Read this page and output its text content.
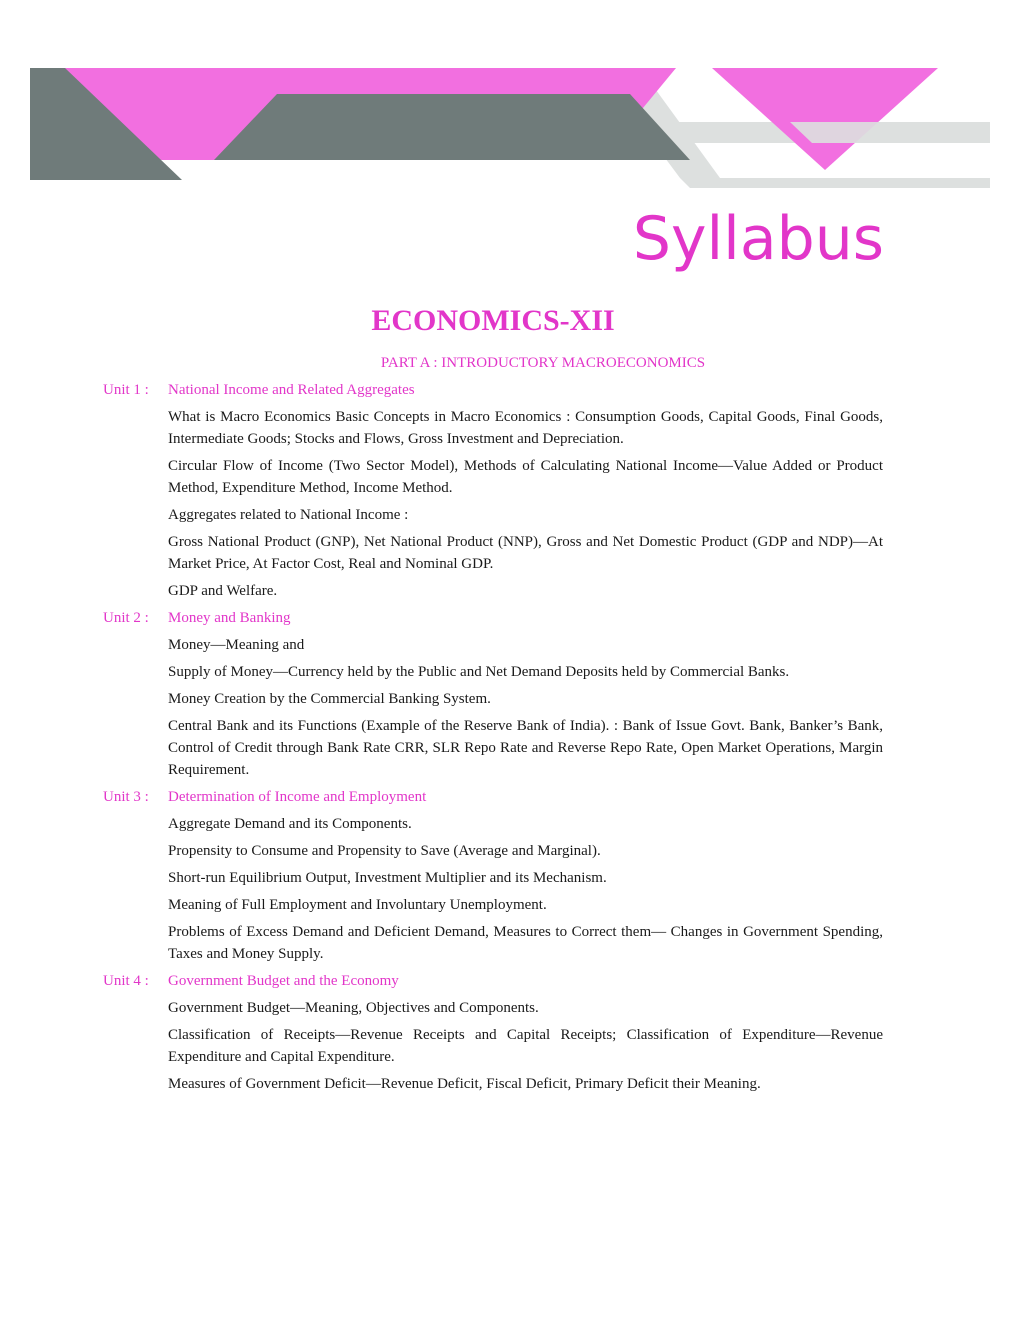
Syllabus
ECONOMICS-XII
PART A : INTRODUCTORY MACROECONOMICS
Unit 1 :	National Income and Related Aggregates

What is Macro Economics Basic Concepts in Macro Economics : Consumption Goods, Capital Goods, Final Goods, Intermediate Goods; Stocks and Flows, Gross Investment and Depreciation.

Circular Flow of Income (Two Sector Model), Methods of Calculating National Income—Value Added or Product Method, Expenditure Method, Income Method.

Aggregates related to National Income :

Gross National Product (GNP), Net National Product (NNP), Gross and Net Domestic Product (GDP and NDP)—At Market Price, At Factor Cost, Real and Nominal GDP.

GDP and Welfare.

Unit 2 :	Money and Banking

Money—Meaning and

Supply of Money—Currency held by the Public and Net Demand Deposits held by Commercial Banks.

Money Creation by the Commercial Banking System.

Central Bank and its Functions (Example of the Reserve Bank of India). : Bank of Issue Govt. Bank, Banker’s Bank, Control of Credit through Bank Rate CRR, SLR Repo Rate and Reverse Repo Rate, Open Market Operations, Margin Requirement.

Unit 3 :	Determination of Income and Employment

Aggregate Demand and its Components.

Propensity to Consume and Propensity to Save (Average and Marginal).

Short-run Equilibrium Output, Investment Multiplier and its Mechanism.

Meaning of Full Employment and Involuntary Unemployment.

Problems of Excess Demand and Deficient Demand, Measures to Correct them— Changes in Government Spending, Taxes and Money Supply.

Unit 4 :	Government Budget and the Economy

Government Budget—Meaning, Objectives and Components.

Classification of Receipts—Revenue Receipts and Capital Receipts; Classification of Expenditure—Revenue Expenditure and Capital Expenditure.

Measures of Government Deficit—Revenue Deficit, Fiscal Deficit, Primary Deficit their Meaning.
